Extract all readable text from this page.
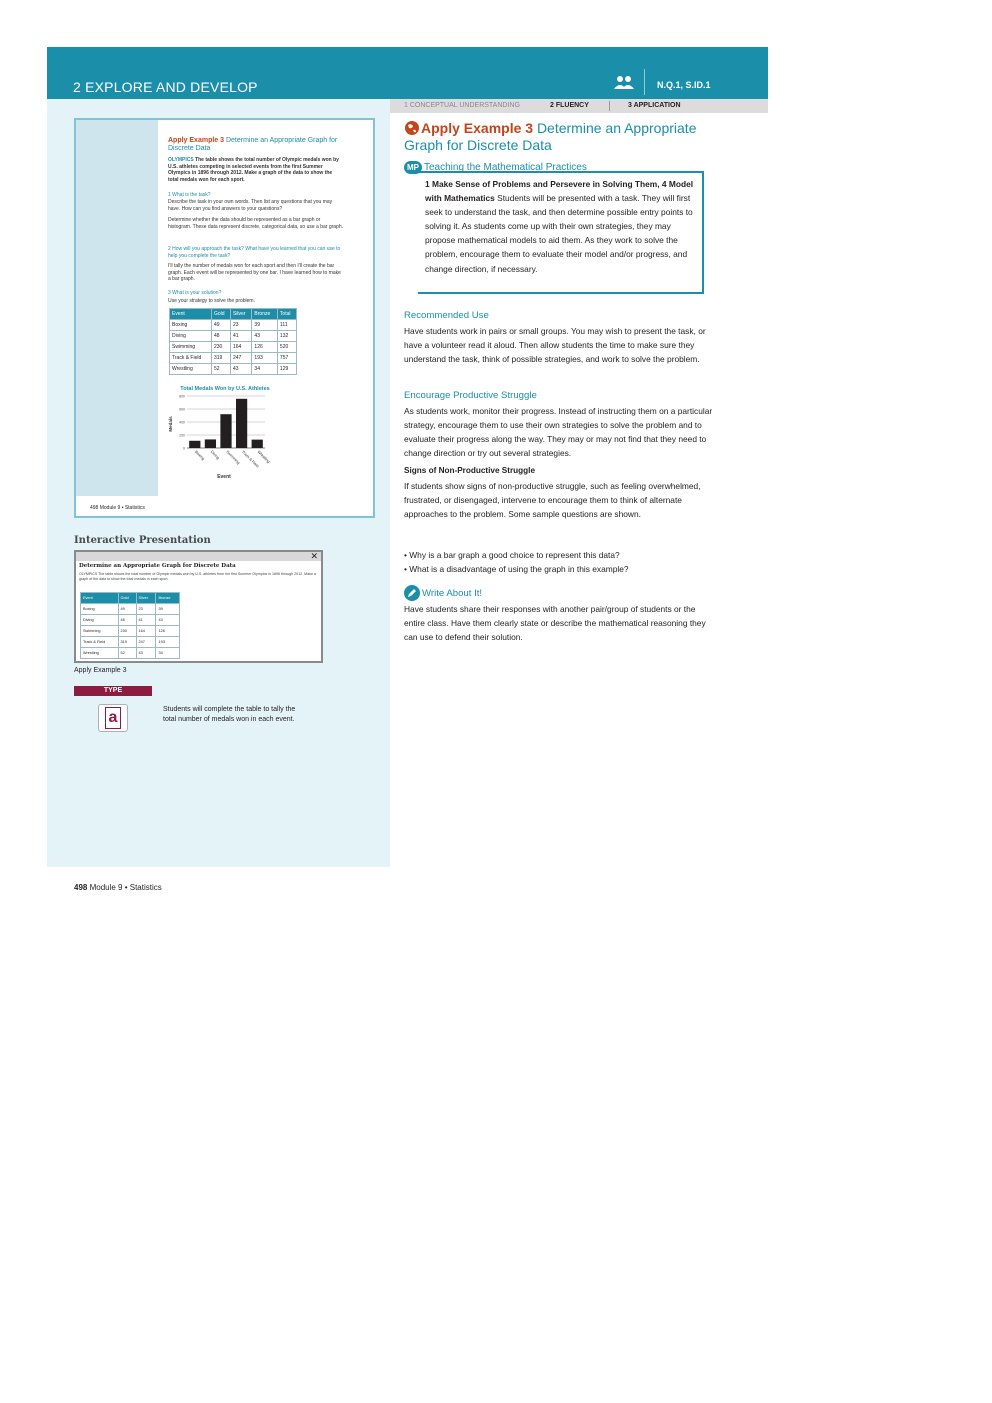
2 EXPLORE AND DEVELOP	N.Q.1, S.ID.1
1 CONCEPTUAL UNDERSTANDING	2 FLUENCY	3 APPLICATION
Apply Example 3 Determine an Appropriate Graph for Discrete Data
OLYMPICS The table shows the total number of Olympic medals won by U.S. athletes competing in selected events from the first Summer Olympics in 1896 through 2012. Make a graph of the data to show the total medals won for each sport.
1 What is the task?
Describe the task in your own words. Then list any questions that you may have. How can you find answers to your questions?
Determine whether the data should be represented as a bar graph or histogram. These data represent discrete, categorical data, so use a bar graph.
2 How will you approach the task? What have you learned that you can use to help you complete the task?
I'll tally the number of medals won for each sport and then I'll create the bar graph. Each event will be represented by one bar. I have learned how to make a bar graph.
3 What is your solution?
Use your strategy to solve the problem.
Event	Gold	Silver	Bronze	Total
Boxing	49	23	39	111
Diving	48	41	43	132
Swimming	230	164	126	520
Track & Field	319	247	193	757
Wrestling	52	43	34	129
Total Medals Won by U.S. Athletes
Medals
0
200
400
600
800
Boxing Diving Swimming Track & Field
Wrestling
Event
498 Module 9 • Statistics
Interactive Presentation
✕
Determine an Appropriate Graph for Discrete Data
OLYMPICS The table shows the total number of Olympic medals won by U.S. athletes from the first Summer Olympics in 1896 through 2012. Make a graph of the data to show the total medals in each sport.
Event	Gold	Silver	Bronze
Boxing	49	23	39
Diving	48	41	43
Swimming	230	164	126
Track & Field	319	247	193
Wrestling	52	43	34
Apply Example 3
TYPE
a	Students will complete the table to tally the total number of medals won in each event.
498 Module 9 • Statistics
Apply Example 3 Determine an Appropriate Graph for Discrete Data
MP Teaching the Mathematical Practices
1 Make Sense of Problems and Persevere in Solving Them, 4 Model with Mathematics Students will be presented with a task. They will first seek to understand the task, and then determine possible entry points to solving it. As students come up with their own strategies, they may propose mathematical models to aid them. As they work to solve the problem, encourage them to evaluate their model and/or progress, and change direction, if necessary.
Recommended Use
Have students work in pairs or small groups. You may wish to present the task, or have a volunteer read it aloud. Then allow students the time to make sure they understand the task, think of possible strategies, and work to solve the problem.
Encourage Productive Struggle
As students work, monitor their progress. Instead of instructing them on a particular strategy, encourage them to use their own strategies to solve the problem and to evaluate their progress along the way. They may or may not find that they need to change direction or try out several strategies.
Signs of Non-Productive Struggle
If students show signs of non-productive struggle, such as feeling overwhelmed, frustrated, or disengaged, intervene to encourage them to think of alternate approaches to the problem. Some sample questions are shown.
• Why is a bar graph a good choice to represent this data?
• What is a disadvantage of using the graph in this example?
Write About It!
Have students share their responses with another pair/group of students or the entire class. Have them clearly state or describe the mathematical reasoning they can use to defend their solution.
